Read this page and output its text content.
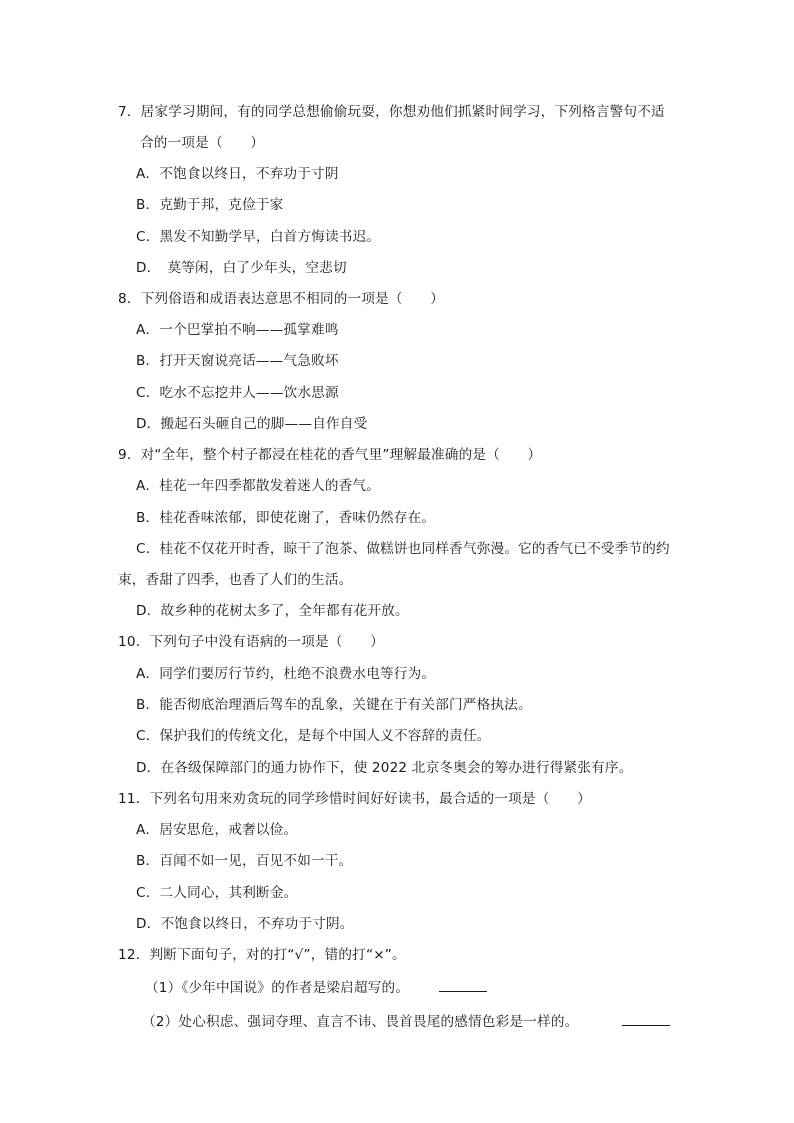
7．居家学习期间，有的同学总想偷偷玩耍，你想劝他们抓紧时间学习，下列格言警句不适
合的一项是（　　）
A．不饱食以终日，不弃功于寸阴
B．克勤于邦，克俭于家
C．黑发不知勤学早，白首方悔读书迟。
D．　莫等闲，白了少年头，空悲切
8．下列俗语和成语表达意思不相同的一项是（　　）
A．一个巴掌拍不响——孤掌难鸣
B．打开天窗说亮话——气急败坏
C．吃水不忘挖井人——饮水思源
D．搬起石头砸自己的脚——自作自受
9．对“全年，整个村子都浸在桂花的香气里”理解最准确的是（　　）
A．桂花一年四季都散发着迷人的香气。
B．桂花香味浓郁，即使花谢了，香味仍然存在。
C．桂花不仅花开时香，晾干了泡茶、做糕饼也同样香气弥漫。它的香气已不受季节的约
束，香甜了四季，也香了人们的生活。
D．故乡种的花树太多了，全年都有花开放。
10．下列句子中没有语病的一项是（　　）
A．同学们要厉行节约，杜绝不浪费水电等行为。
B．能否彻底治理酒后驾车的乱象，关键在于有关部门严格执法。
C．保护我们的传统文化，是每个中国人义不容辞的责任。
D．在各级保障部门的通力协作下，使 2022 北京冬奥会的筹办进行得紧张有序。
11．下列名句用来劝贪玩的同学珍惜时间好好读书，最合适的一项是（　　）
A．居安思危，戒奢以俭。
B．百闻不如一见，百见不如一干。
C．二人同心，其利断金。
D．不饱食以终日，不弃功于寸阴。
12．判断下面句子，对的打“√”，错的打“×”。
（1）《少年中国说》的作者是梁启超写的。
（2）处心积虑、强词夺理、直言不讳、畏首畏尾的感情色彩是一样的。
